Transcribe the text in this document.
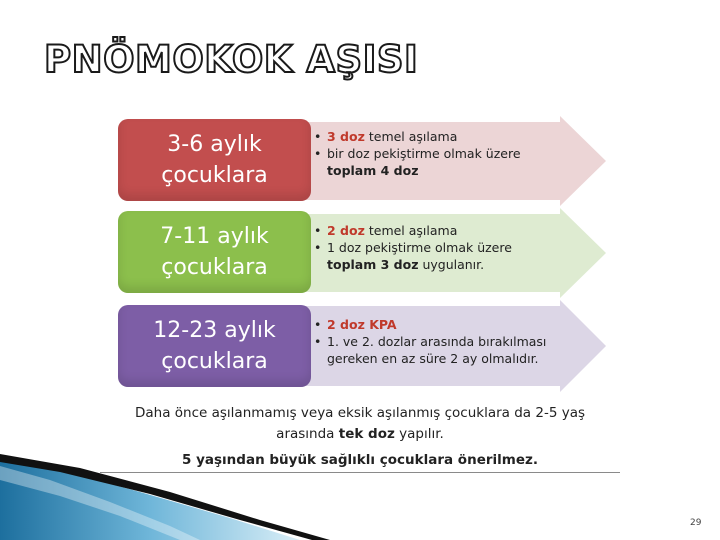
PNÖMOKOK AŞISI
3-6 aylık
çocuklara
• 3 doz temel aşılama
• bir doz pekiştirme olmak üzere
toplam 4 doz
7-11 aylık
çocuklara
• 2 doz temel aşılama
• 1 doz pekiştirme olmak üzere
toplam 3 doz uygulanır.
12-23 aylık
çocuklara
• 2 doz KPA
• 1. ve 2. dozlar arasında bırakılması
gereken en az süre 2 ay olmalıdır.
Daha önce aşılanmamış veya eksik aşılanmış çocuklara da 2-5 yaş
arasında tek doz yapılır.
5 yaşından büyük sağlıklı çocuklara önerilmez.
29
